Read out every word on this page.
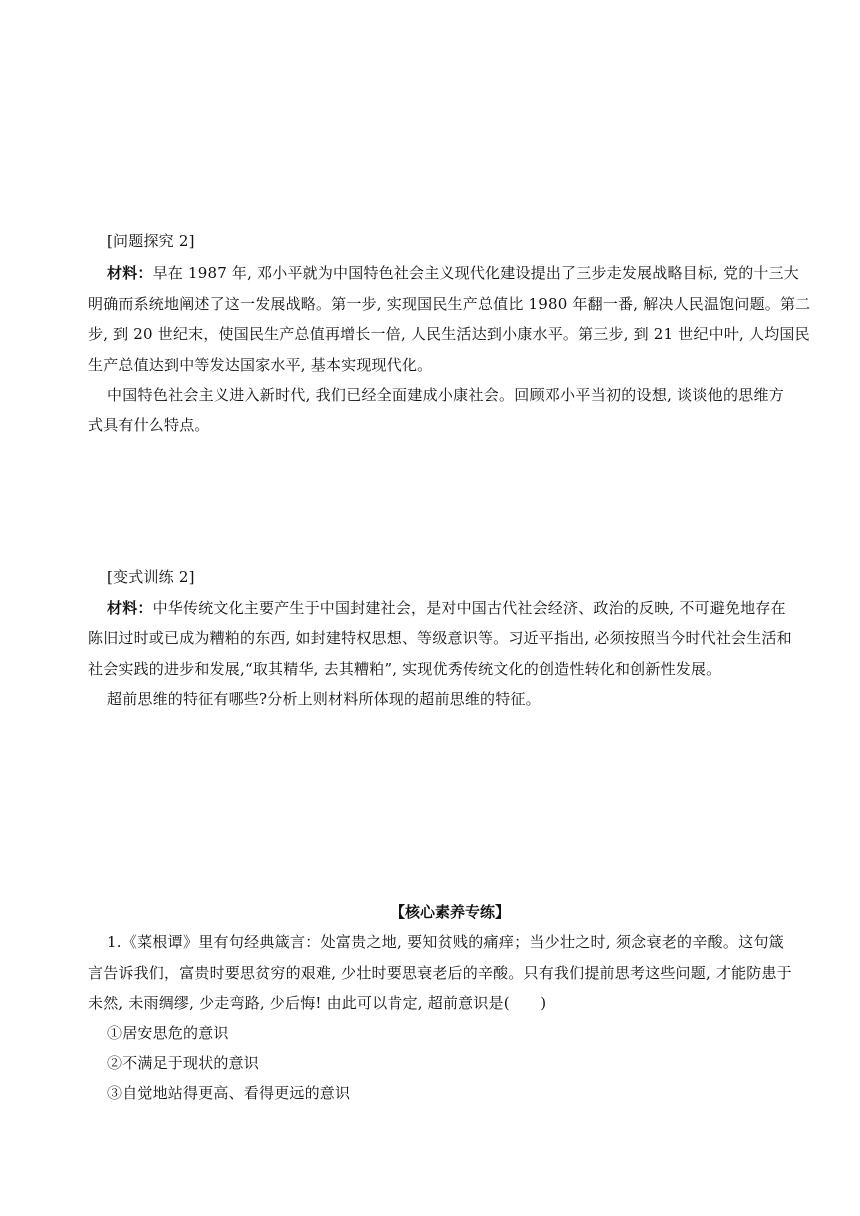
[问题探究 2]
材料：早在 1987 年, 邓小平就为中国特色社会主义现代化建设提出了三步走发展战略目标, 党的十三大
明确而系统地阐述了这一发展战略。第一步, 实现国民生产总值比 1980 年翻一番, 解决人民温饱问题。第二
步, 到 20 世纪末，使国民生产总值再增长一倍, 人民生活达到小康水平。第三步, 到 21 世纪中叶, 人均国民
生产总值达到中等发达国家水平, 基本实现现代化。
中国特色社会主义进入新时代, 我们已经全面建成小康社会。回顾邓小平当初的设想, 谈谈他的思维方
式具有什么特点。
[变式训练 2]
材料：中华传统文化主要产生于中国封建社会，是对中国古代社会经济、政治的反映, 不可避免地存在
陈旧过时或已成为糟粕的东西, 如封建特权思想、等级意识等。习近平指出, 必须按照当今时代社会生活和
社会实践的进步和发展,“取其精华, 去其糟粕”, 实现优秀传统文化的创造性转化和创新性发展。
超前思维的特征有哪些?分析上则材料所体现的超前思维的特征。
【核心素养专练】
1.《菜根谭》里有句经典箴言：处富贵之地, 要知贫贱的痛痒；当少壮之时, 须念衰老的辛酸。这句箴
言告诉我们，富贵时要思贫穷的艰难, 少壮时要思衰老后的辛酸。只有我们提前思考这些问题, 才能防患于
未然, 未雨绸缪, 少走弯路, 少后悔! 由此可以肯定, 超前意识是(　　)
①居安思危的意识
②不满足于现状的意识
③自觉地站得更高、看得更远的意识
